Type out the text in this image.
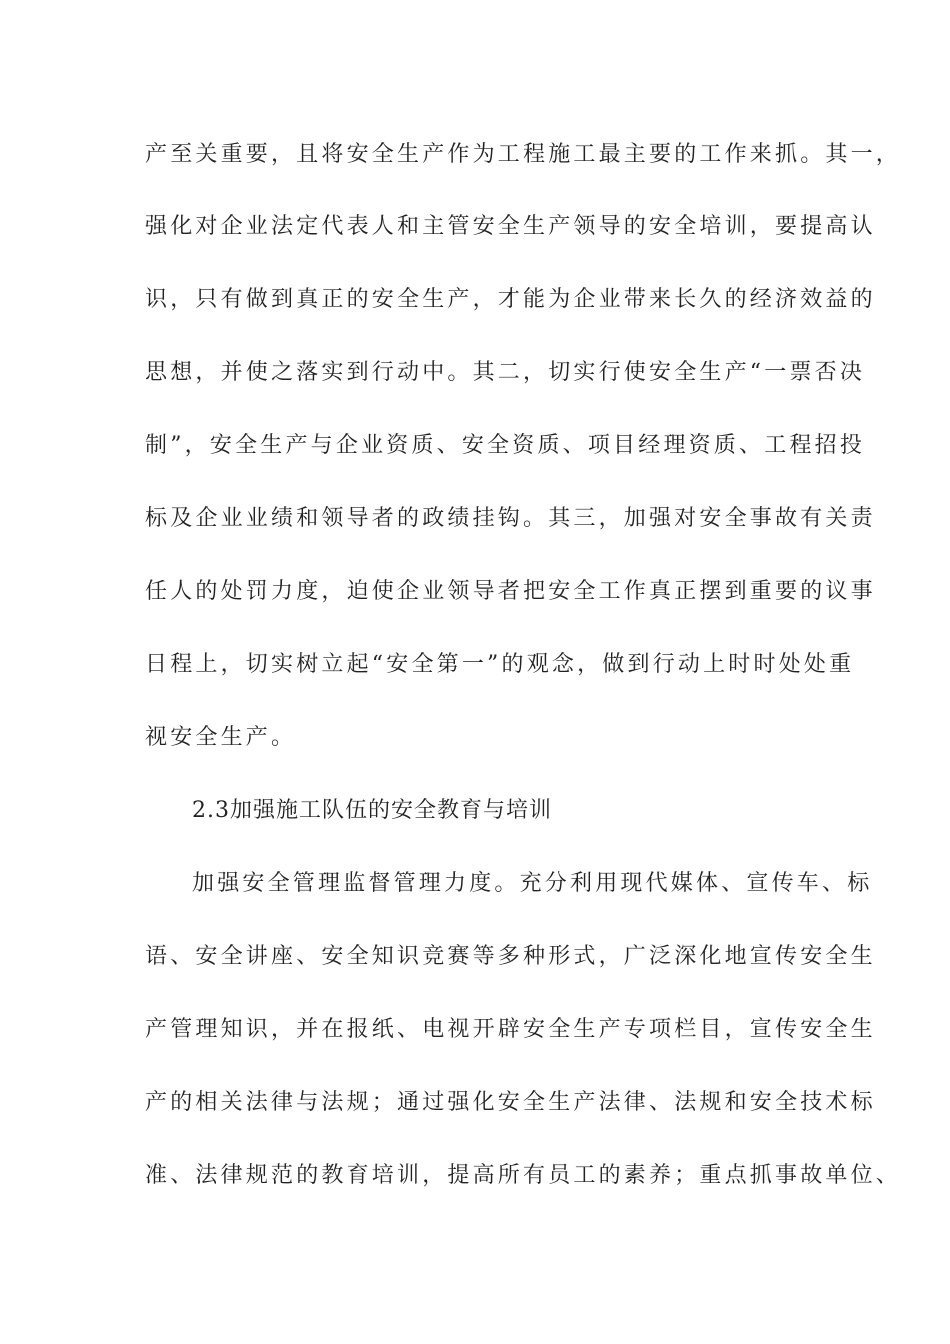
产至关重要，且将安全生产作为工程施工最主要的工作来抓。其一，
强化对企业法定代表人和主管安全生产领导的安全培训，要提高认
识，只有做到真正的安全生产，才能为企业带来长久的经济效益的
思想，并使之落实到行动中。其二，切实行使安全生产“一票否决
制”，安全生产与企业资质、安全资质、项目经理资质、工程招投
标及企业业绩和领导者的政绩挂钩。其三，加强对安全事故有关责
任人的处罚力度，迫使企业领导者把安全工作真正摆到重要的议事
日程上，切实树立起“安全第一”的观念，做到行动上时时处处重
视安全生产。
2.3加强施工队伍的安全教育与培训
加强安全管理监督管理力度。充分利用现代媒体、宣传车、标
语、安全讲座、安全知识竞赛等多种形式，广泛深化地宣传安全生
产管理知识，并在报纸、电视开辟安全生产专项栏目，宣传安全生
产的相关法律与法规；通过强化安全生产法律、法规和安全技术标
准、法律规范的教育培训，提高所有员工的素养；重点抓事故单位、
